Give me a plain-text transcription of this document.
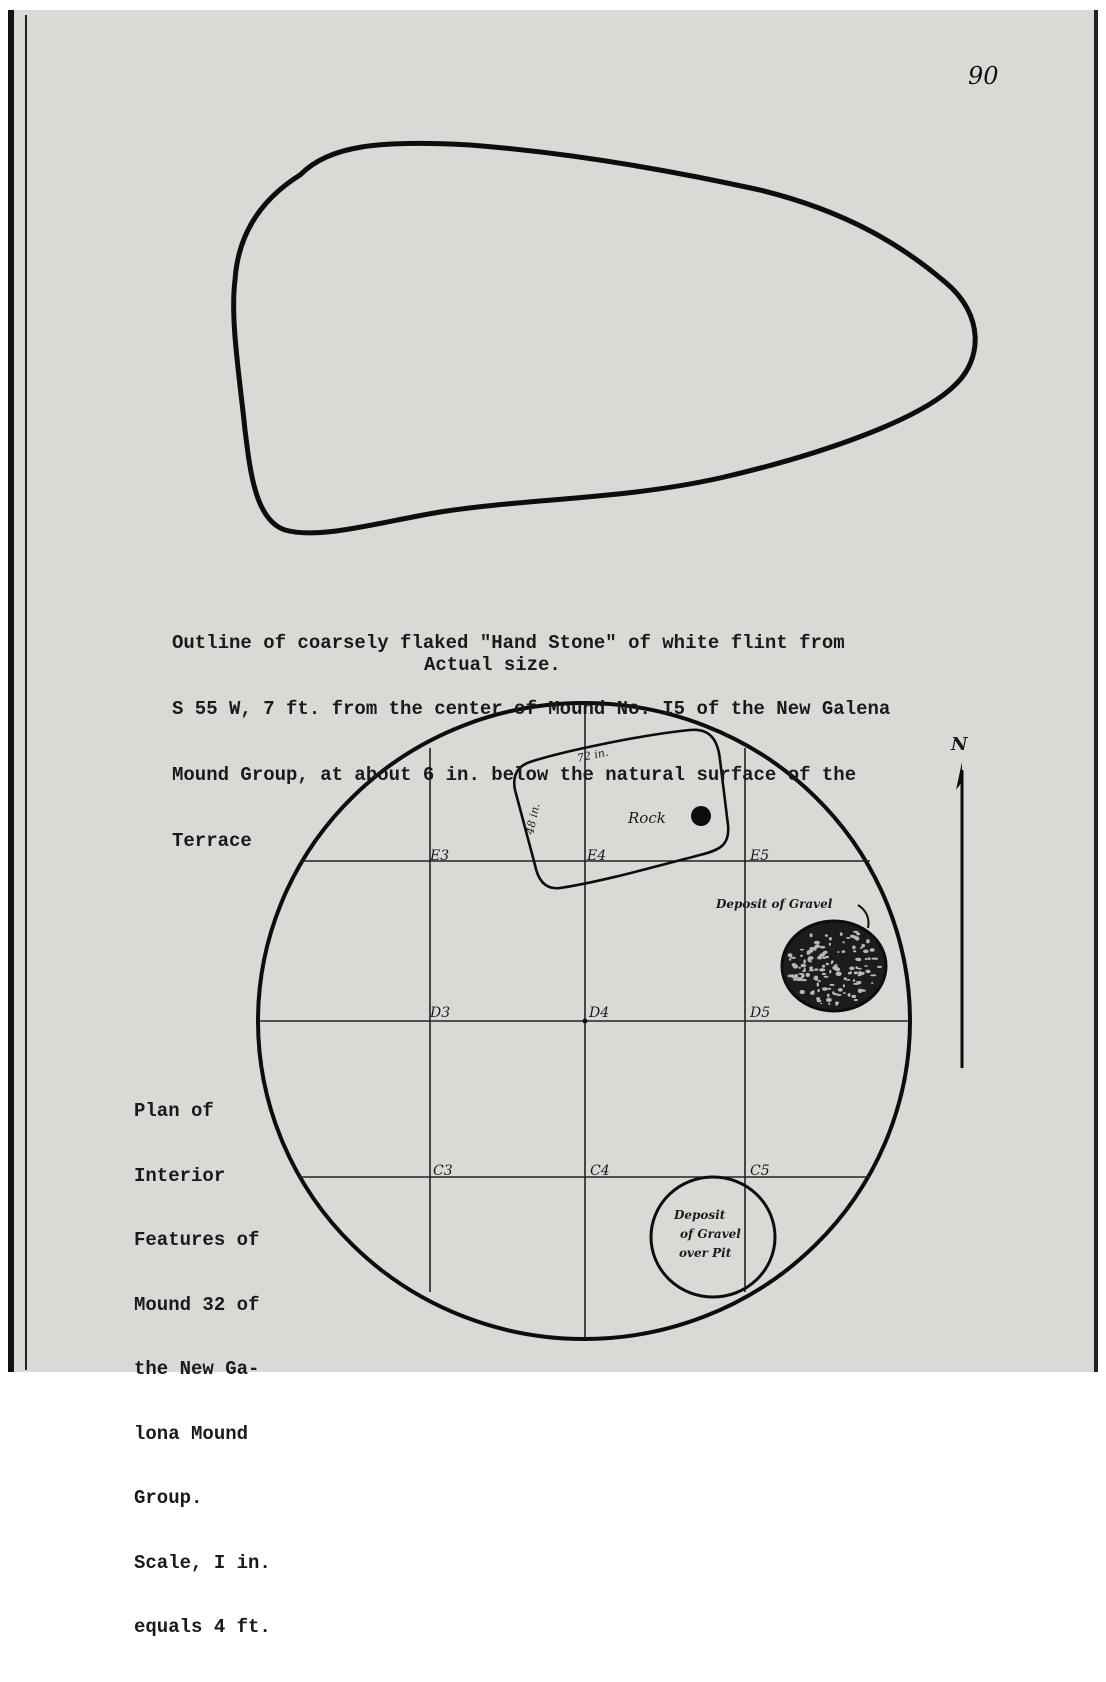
90
N
E3	E4	E5
D3	D4	D5
C3	C4	C5
72 in.
48 in.	Rock
Deposit of Gravel
Deposit
of Gravel
over Pit

Outline of coarsely flaked "Hand Stone" of white flint from

S 55 W, 7 ft. from the center of Mound No. I5 of the New Galena

Mound Group, at about 6 in. below the natural surface of the

Terrace

Actual size.

Plan of

Interior

Features of

Mound 32 of

the New Ga-

lona Mound

Group.

Scale, I in.

equals 4 ft.
